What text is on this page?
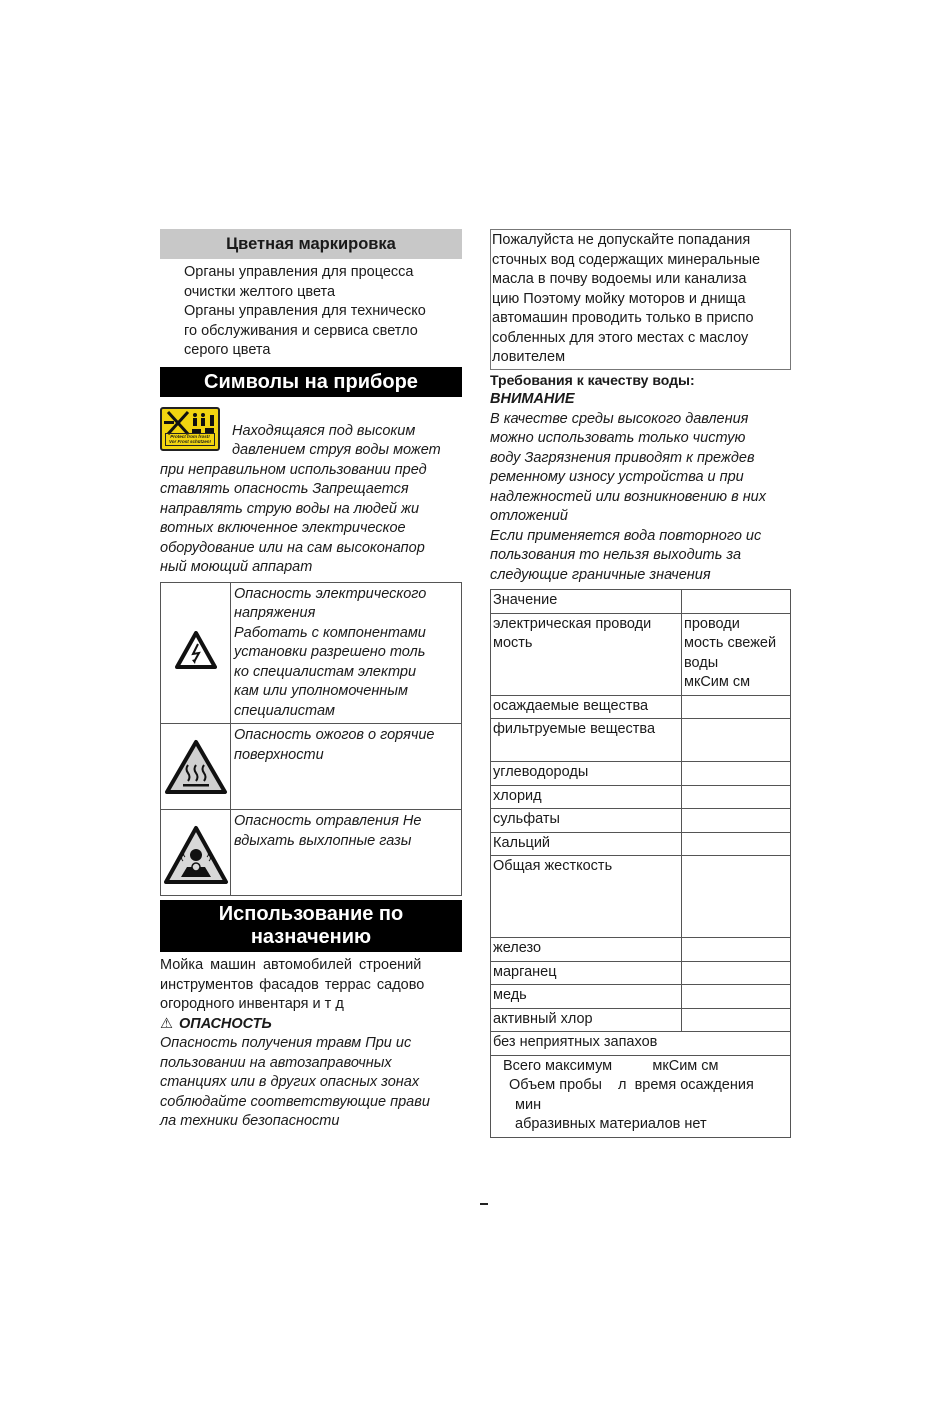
Цветная маркировка
Органы управления для процесса
очистки желтого цвета
Органы управления для техническо
го обслуживания и сервиса светло
серого цвета
Символы на приборе
Protect from frost!
Vor Frost schützen!
Находящаяся под высоким
давлением струя воды может
при неправильном использовании пред
ставлять опасность Запрещается
направлять струю воды на людей жи
вотных включенное электрическое
оборудование или на сам высоконапор
ный моющий аппарат

Опасность электрического
напряжения
Работать с компонентами
установки разрешено толь
ко специалистам электри
кам или уполномоченным
специалистам

Опасность ожогов о горячие
поверхности

Опасность отравления Не
вдыхать выхлопные газы
Использование по
назначению
Мойка машин автомобилей строений
инструментов фасадов террас садово
огородного инвентаря и т д
⚠ ОПАСНОСТЬ
Опасность получения травм При ис
пользовании на автозаправочных
станциях или в других опасных зонах
соблюдайте соответствующие прави
ла техники безопасности
Пожалуйста не допускайте попадания
сточных вод содержащих минеральные
масла в почву водоемы или канализа
цию Поэтому мойку моторов и днища
автомашин проводить только в приспо
собленных для этого местах с маслоу
ловителем
Требования к качеству воды:
ВНИМАНИЕ
В качестве среды высокого давления
можно использовать только чистую
воду Загрязнения приводят к преждев
ременному износу устройства и при
надлежностей или возникновению в них
отложений
Если применяется вода повторного ис
пользования то нельзя выходить за
следующие граничные значения
Значение	
электрическая проводи
мость	проводи
мость свежей
воды
мкСим см
осаждаемые вещества	
фильтруемые вещества	
углеводороды	
хлорид	
сульфаты	
Кальций	
Общая жесткость	
железо	
марганец	
медь	
активный хлор	
без неприятных запахов	

Всего максимум          мкСим см
Объем пробы    л  время осаждения
мин
абразивных материалов нет	
